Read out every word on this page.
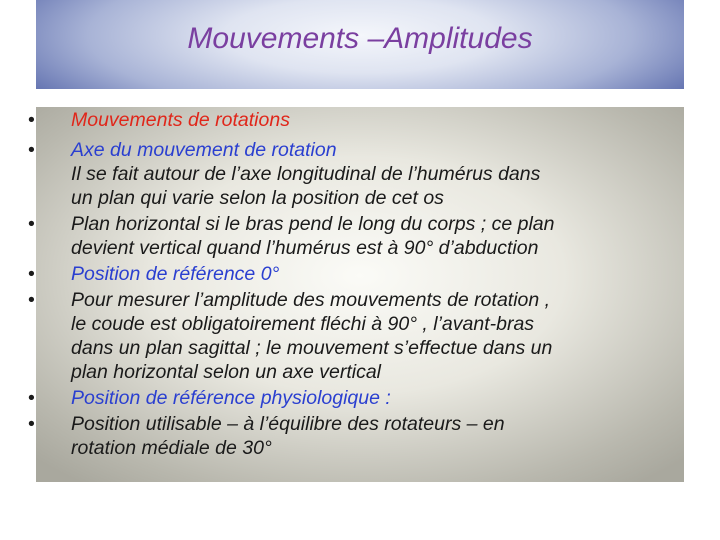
Mouvements –Amplitudes
• Mouvements de rotations
• Axe du mouvement de rotation
Il se fait autour de l’axe longitudinal de l’humérus dans
un plan qui varie selon la position de cet os
• Plan horizontal si le bras pend le long du corps ; ce plan
devient vertical quand l’humérus est à 90° d’abduction
• Position de référence 0°
• Pour mesurer l’amplitude des mouvements de rotation ,
le coude est obligatoirement fléchi à 90° , l’avant-bras
dans un plan sagittal ; le mouvement s’effectue dans un
plan horizontal selon un axe vertical
• Position de référence physiologique :
• Position utilisable – à l’équilibre des rotateurs – en
rotation médiale de 30°
